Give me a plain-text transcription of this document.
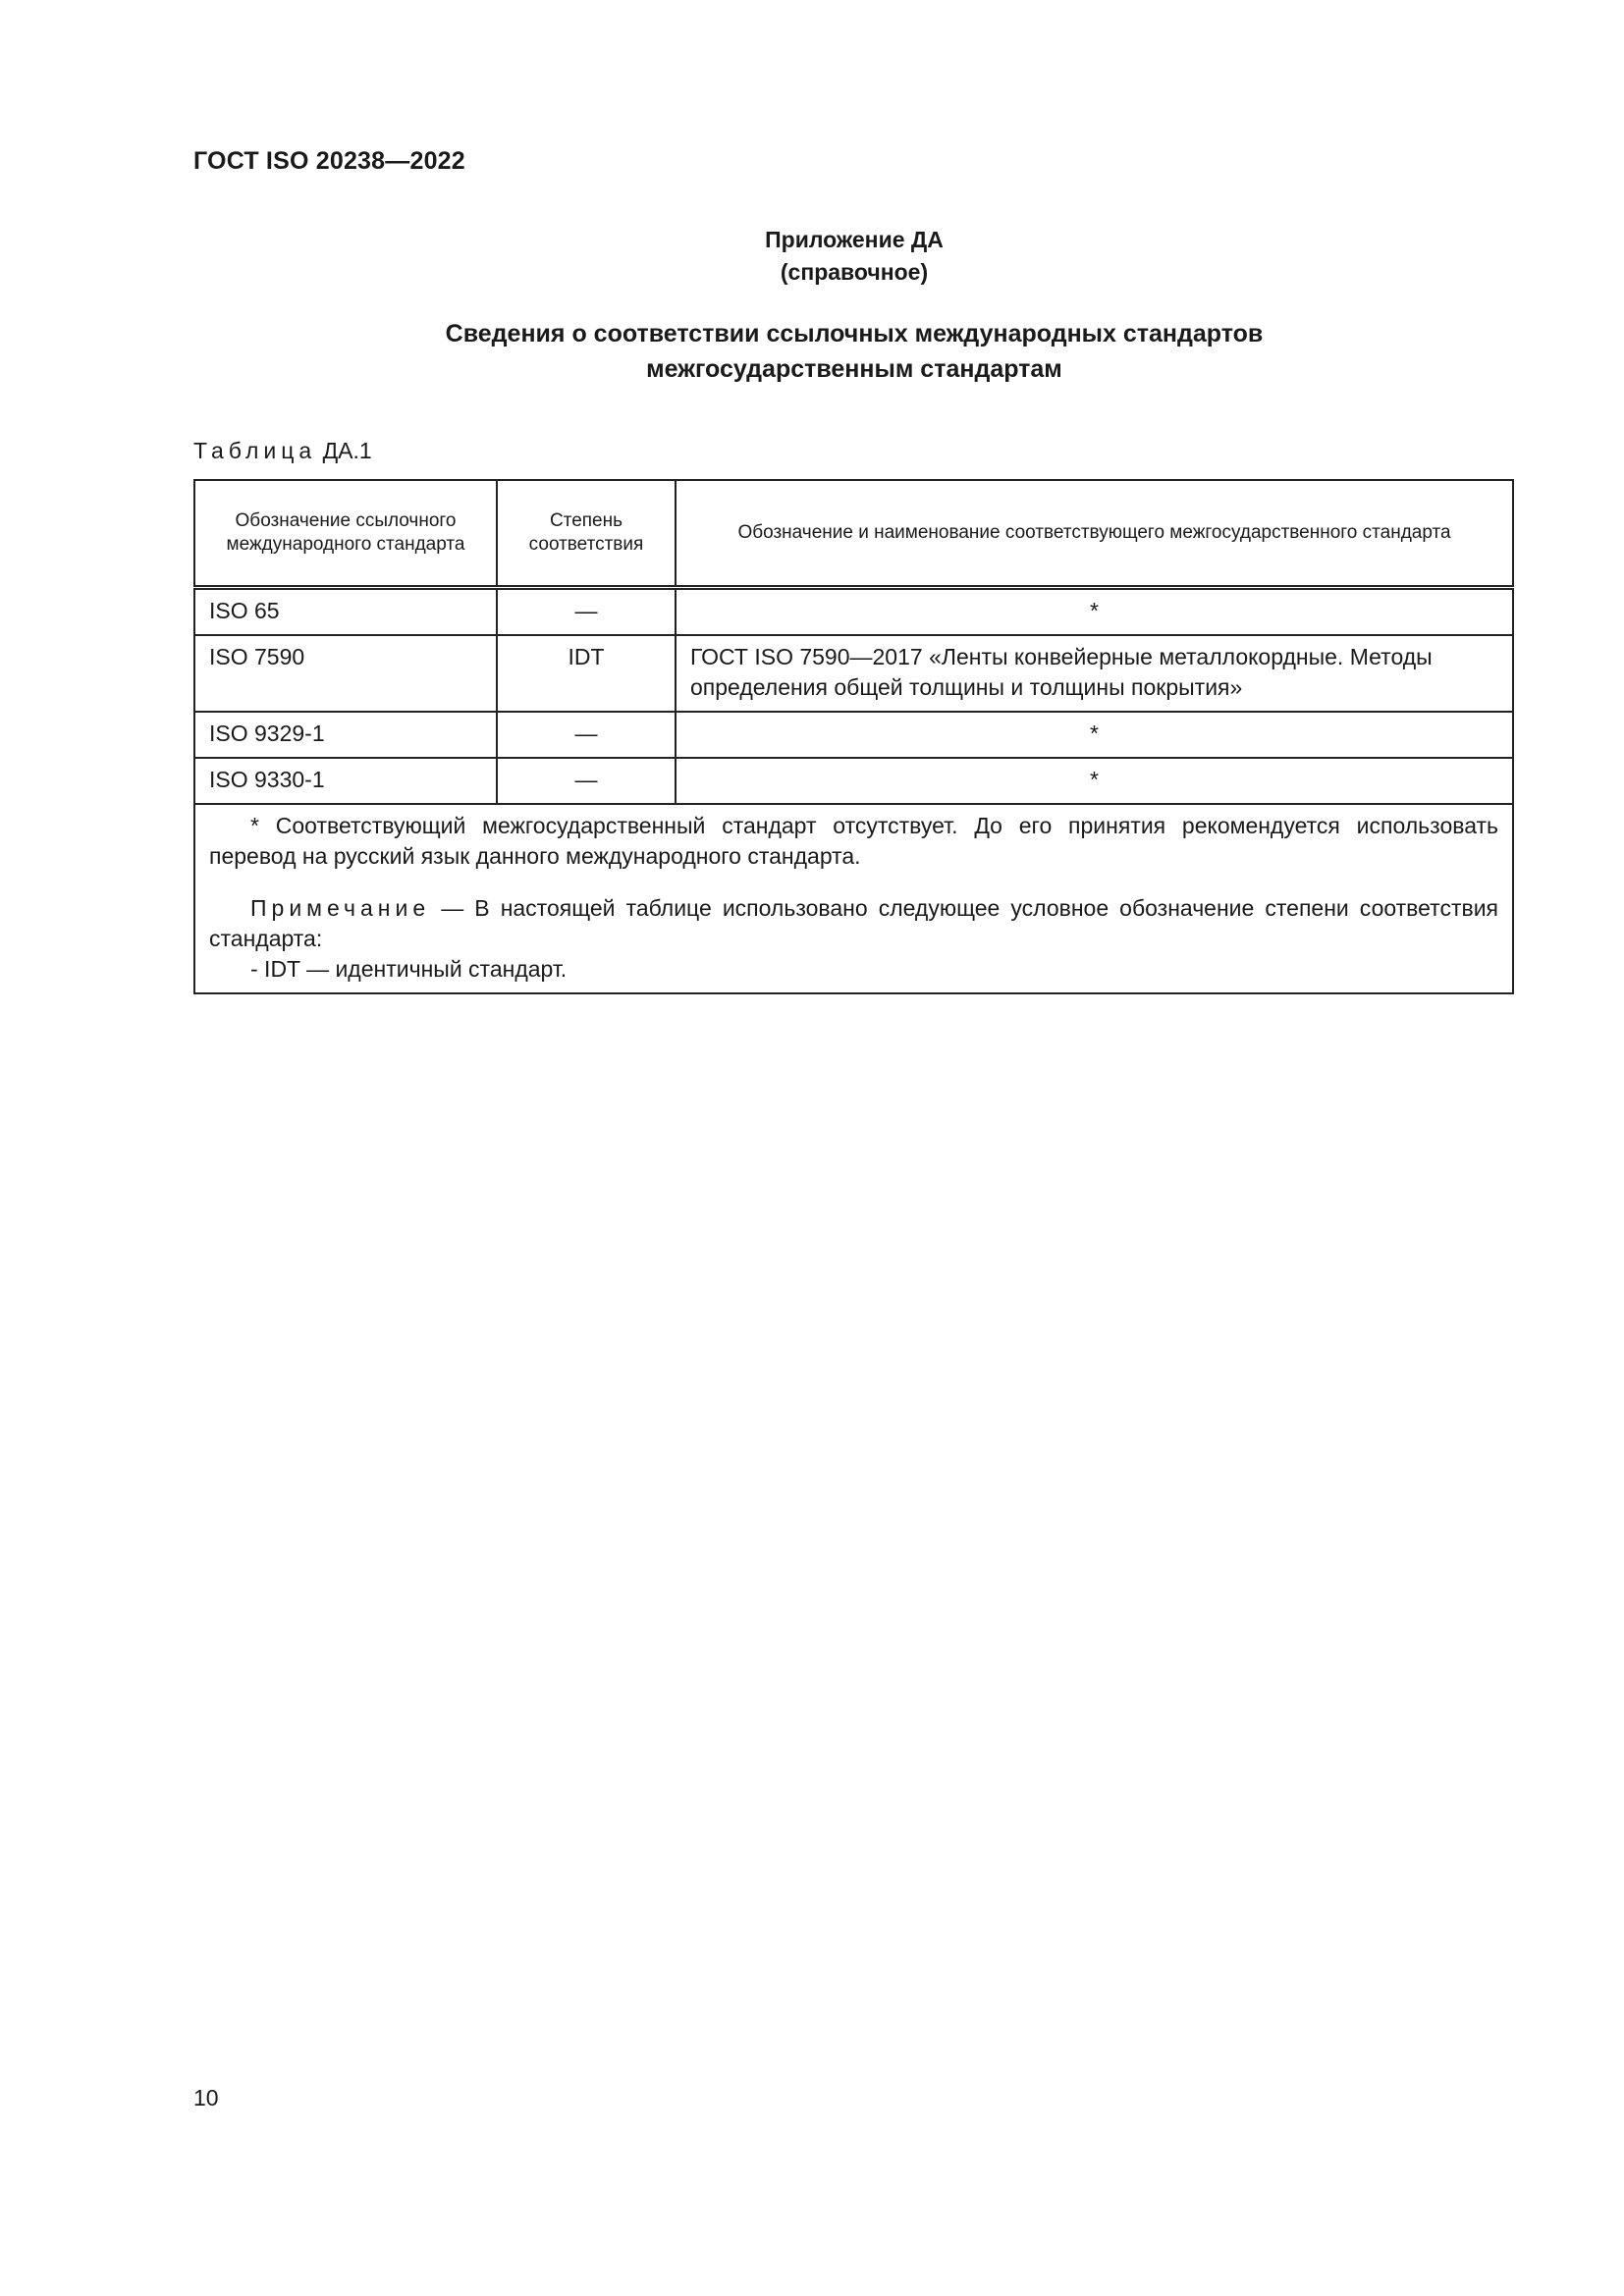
ГОСТ ISO 20238—2022
Приложение ДА
(справочное)
Сведения о соответствии ссылочных международных стандартов
межгосударственным стандартам
Таблица ДА.1
Обозначение ссылочного международного стандарта	Степень соответствия	Обозначение и наименование соответствующего межгосударственного стандарта
ISO 65	—	*
ISO 7590	IDT	ГОСТ ISO 7590—2017 «Ленты конвейерные металлокордные. Методы определения общей толщины и толщины покрытия»
ISO 9329-1	—	*
ISO 9330-1	—	*

* Соответствующий межгосударственный стандарт отсутствует. До его принятия рекомендуется использовать перевод на русский язык данного международного стандарта.
Примечание — В настоящей таблице использовано следующее условное обозначение степени соответствия стандарта:
- IDT — идентичный стандарт.		
10
